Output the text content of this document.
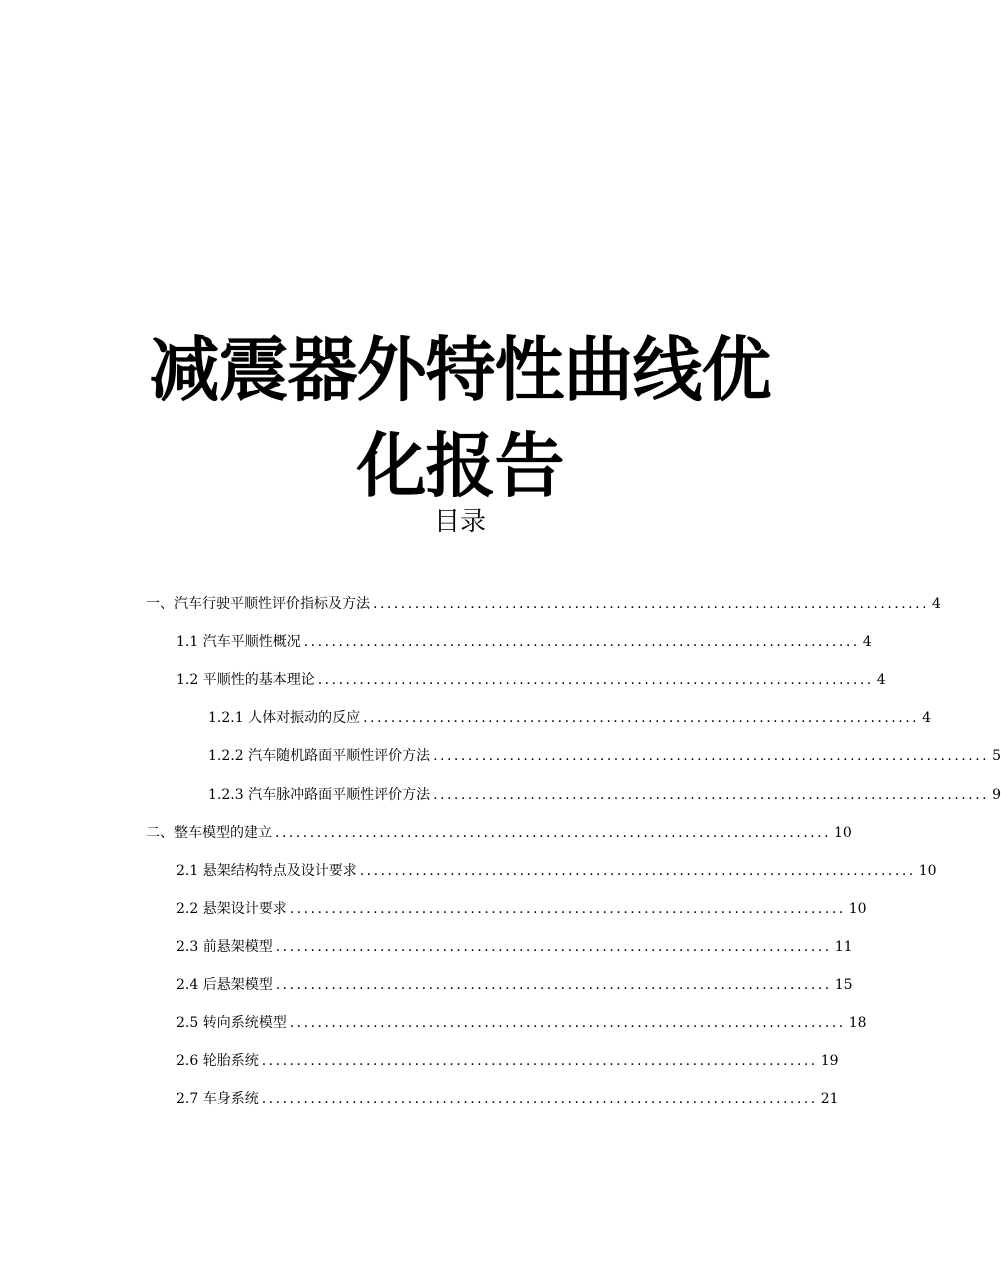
减震器外特性曲线优
化报告
目录
一、汽车行驶平顺性评价指标及方法 ................................................................................ 4
1.1 汽车平顺性概况 ................................................................................ 4
1.2 平顺性的基本理论 ................................................................................ 4
1.2.1 人体对振动的反应 ................................................................................ 4
1.2.2 汽车随机路面平顺性评价方法 ................................................................................ 5
1.2.3 汽车脉冲路面平顺性评价方法 ................................................................................ 9
二、整车模型的建立 ................................................................................ 10
2.1 悬架结构特点及设计要求 ................................................................................ 10
2.2 悬架设计要求 ................................................................................ 10
2.3 前悬架模型 ................................................................................ 11
2.4 后悬架模型 ................................................................................ 15
2.5 转向系统模型 ................................................................................ 18
2.6 轮胎系统 ................................................................................ 19
2.7 车身系统 ................................................................................ 21
